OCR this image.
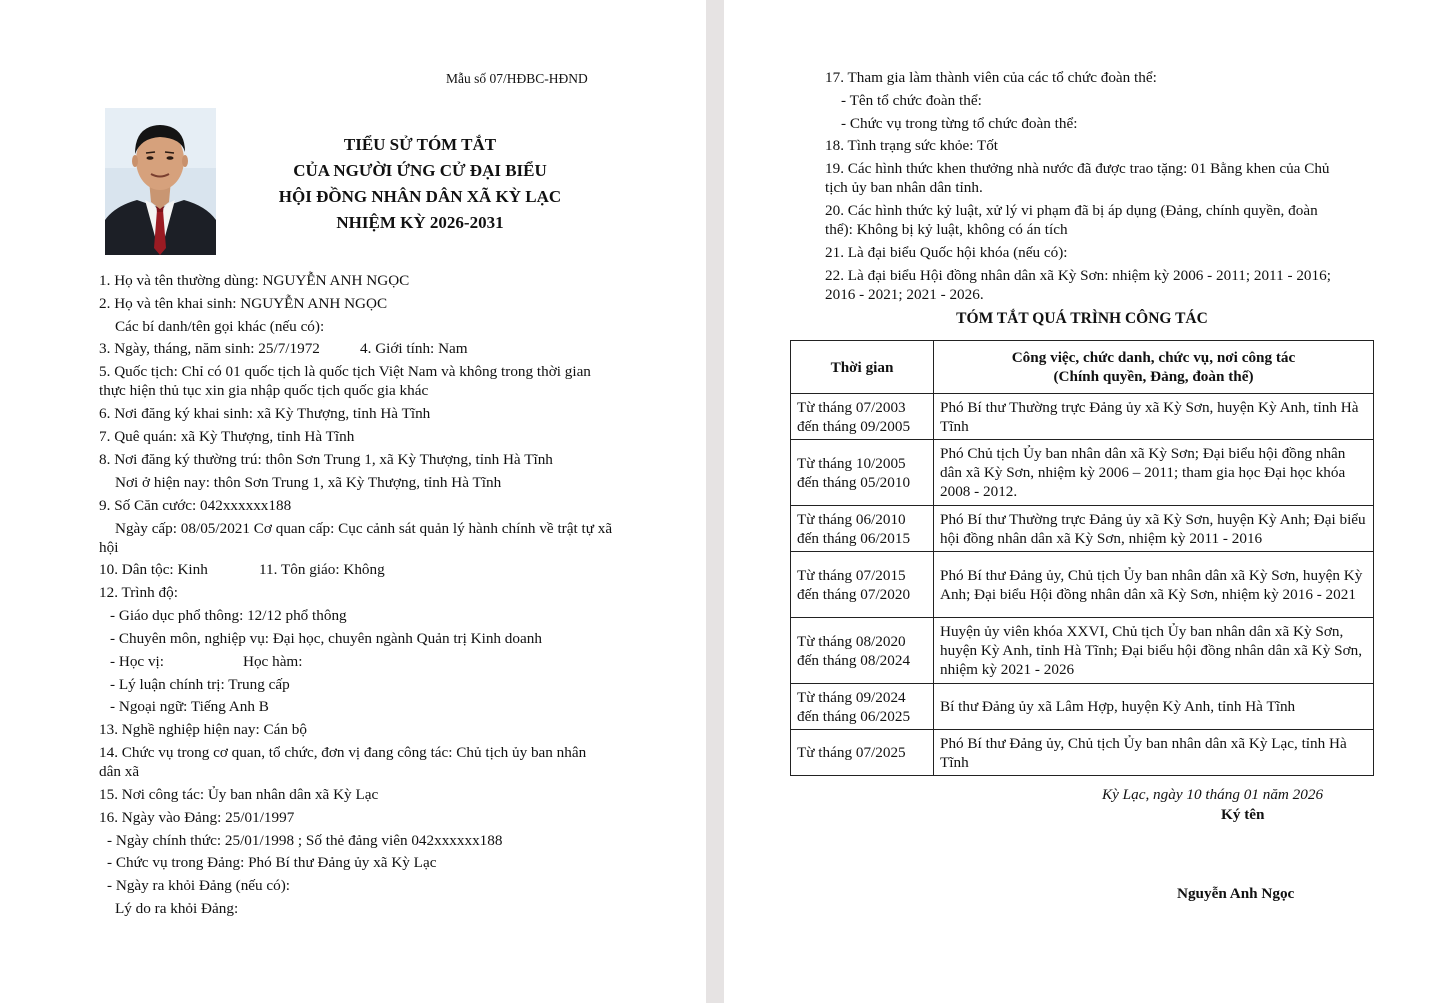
Mẫu số 07/HĐBC-HĐND
TIỂU SỬ TÓM TẮT
CỦA NGƯỜI ỨNG CỬ ĐẠI BIỂU
HỘI ĐỒNG NHÂN DÂN XÃ KỲ LẠC
NHIỆM KỲ 2026-2031
1. Họ và tên thường dùng: NGUYỄN ANH NGỌC
2. Họ và tên khai sinh: NGUYỄN ANH NGỌC
Các bí danh/tên gọi khác (nếu có):
3. Ngày, tháng, năm sinh: 25/7/1972	4. Giới tính: Nam
5. Quốc tịch: Chỉ có 01 quốc tịch là quốc tịch Việt Nam và không trong thời gian thực hiện thủ tục xin gia nhập quốc tịch quốc gia khác
6. Nơi đăng ký khai sinh: xã Kỳ Thượng, tỉnh Hà Tĩnh
7. Quê quán: xã Kỳ Thượng, tỉnh Hà Tĩnh
8. Nơi đăng ký thường trú: thôn Sơn Trung 1, xã Kỳ Thượng, tỉnh Hà Tĩnh
Nơi ở hiện nay: thôn Sơn Trung 1, xã Kỳ Thượng, tỉnh Hà Tĩnh
9. Số Căn cước: 042xxxxxx188
Ngày cấp: 08/05/2021 Cơ quan cấp: Cục cảnh sát quản lý hành chính về trật tự xã hội
10. Dân tộc: Kinh	11. Tôn giáo: Không
12. Trình độ:
- Giáo dục phổ thông: 12/12 phổ thông
- Chuyên môn, nghiệp vụ: Đại học, chuyên ngành Quản trị Kinh doanh
- Học vị:	Học hàm:
- Lý luận chính trị: Trung cấp
- Ngoại ngữ: Tiếng Anh B
13. Nghề nghiệp hiện nay: Cán bộ
14. Chức vụ trong cơ quan, tổ chức, đơn vị đang công tác: Chủ tịch ủy ban nhân dân xã
15. Nơi công tác: Ủy ban nhân dân xã Kỳ Lạc
16. Ngày vào Đảng: 25/01/1997
- Ngày chính thức: 25/01/1998 ; Số thẻ đảng viên 042xxxxxx188
- Chức vụ trong Đảng: Phó Bí thư Đảng ủy xã Kỳ Lạc
- Ngày ra khỏi Đảng (nếu có):
Lý do ra khỏi Đảng:
17. Tham gia làm thành viên của các tổ chức đoàn thể:
- Tên tổ chức đoàn thể:
- Chức vụ trong từng tổ chức đoàn thể:
18. Tình trạng sức khỏe: Tốt
19. Các hình thức khen thưởng nhà nước đã được trao tặng: 01 Bằng khen của Chủ tịch ủy ban nhân dân tỉnh.
20. Các hình thức kỷ luật, xử lý vi phạm đã bị áp dụng (Đảng, chính quyền, đoàn thể): Không bị kỷ luật, không có án tích
21. Là đại biểu Quốc hội khóa (nếu có):
22. Là đại biểu Hội đồng nhân dân xã Kỳ Sơn: nhiệm kỳ 2006 - 2011; 2011 - 2016; 2016 - 2021; 2021 - 2026.
TÓM TẮT QUÁ TRÌNH CÔNG TÁC
Thời gian	Công việc, chức danh, chức vụ, nơi công tác
(Chính quyền, Đảng, đoàn thể)

Từ tháng 07/2003
đến tháng 09/2005	Phó Bí thư Thường trực Đảng ủy xã Kỳ Sơn, huyện Kỳ Anh, tỉnh Hà Tĩnh

Từ tháng 10/2005
đến tháng 05/2010	Phó Chủ tịch Ủy ban nhân dân xã Kỳ Sơn; Đại biểu hội đồng nhân dân xã Kỳ Sơn, nhiệm kỳ 2006 – 2011; tham gia học Đại học khóa 2008 - 2012.

Từ tháng 06/2010
đến tháng 06/2015	Phó Bí thư Thường trực Đảng ủy xã Kỳ Sơn, huyện Kỳ Anh; Đại biểu hội đồng nhân dân xã Kỳ Sơn, nhiệm kỳ 2011 - 2016

Từ tháng 07/2015
đến tháng 07/2020	Phó Bí thư Đảng ủy, Chủ tịch Ủy ban nhân dân xã Kỳ Sơn, huyện Kỳ Anh; Đại biểu Hội đồng nhân dân xã Kỳ Sơn, nhiệm kỳ 2016 - 2021

Từ tháng 08/2020
đến tháng 08/2024	Huyện ủy viên khóa XXVI, Chủ tịch Ủy ban nhân dân xã Kỳ Sơn, huyện Kỳ Anh, tỉnh Hà Tĩnh; Đại biểu hội đồng nhân dân xã Kỳ Sơn, nhiệm kỳ 2021 - 2026

Từ tháng 09/2024
đến tháng 06/2025	Bí thư Đảng ủy xã Lâm Hợp, huyện Kỳ Anh, tỉnh Hà Tĩnh

Từ tháng 07/2025	Phó Bí thư Đảng ủy, Chủ tịch Ủy ban nhân dân xã Kỳ Lạc, tỉnh Hà Tĩnh
Kỳ Lạc, ngày 10 tháng 01 năm 2026
Ký tên
Nguyễn Anh Ngọc
